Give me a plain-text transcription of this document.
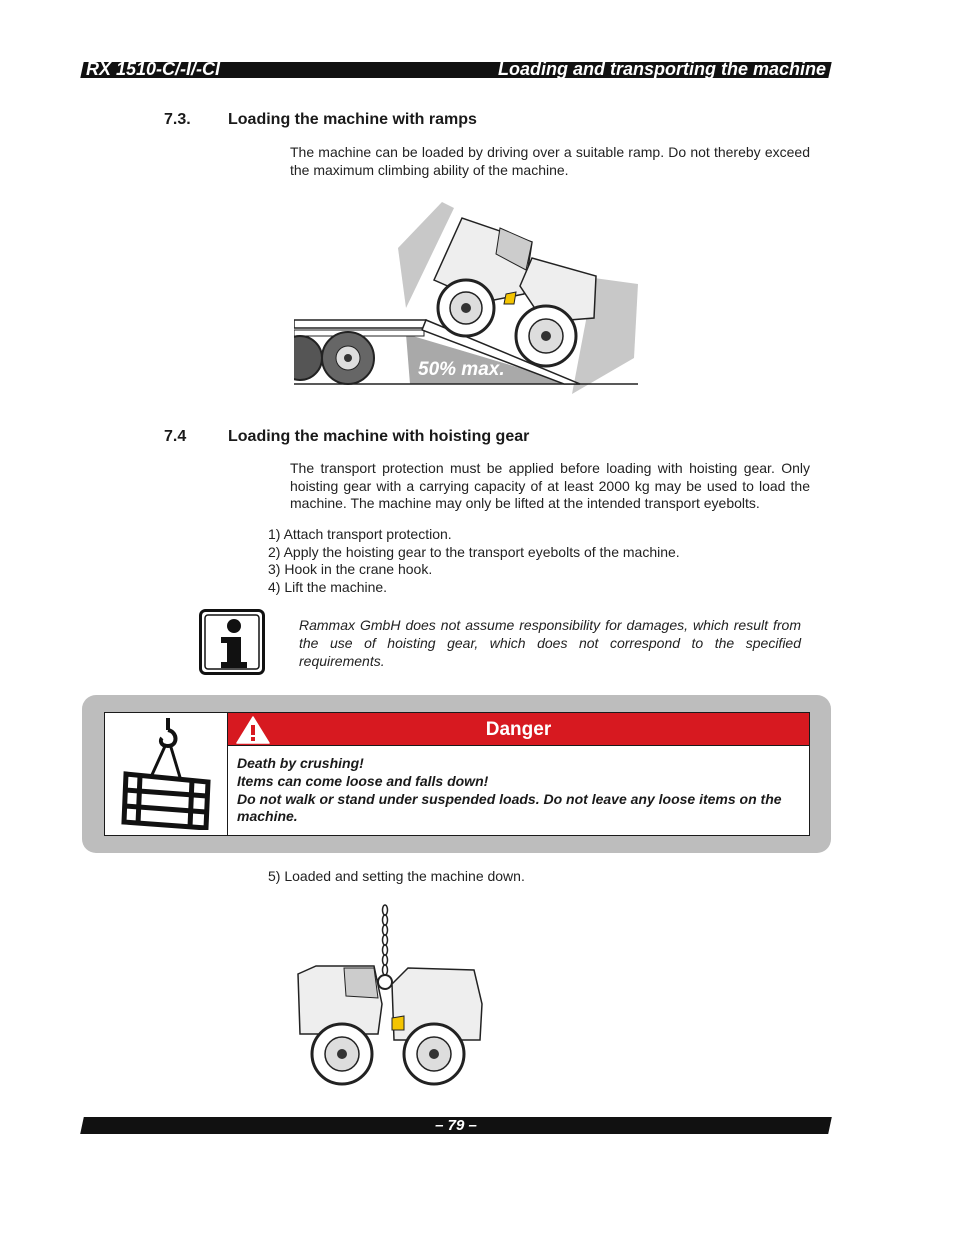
RX 1510-C/-I/-CI	Loading and transporting the machine
7.3. Loading the machine with ramps
The machine can be loaded by driving over a suitable ramp. Do not thereby exceed the maximum climbing ability of the machine.
50% max.
7.4	Loading the machine with hoisting gear
The transport protection must be applied before loading with hoisting gear. Only hoisting gear with a carrying capacity of at least 2000 kg may be used to load the machine. The machine may only be lifted at the intended transport eyebolts.
1) Attach transport protection.
2) Apply the hoisting gear to the transport eyebolts of the machine.
3) Hook in the crane hook.
4) Lift the machine.
Rammax GmbH does not assume responsibility for damages, which result from the use of hoisting gear, which does not correspond to the specified requirements.
Danger
Death by crushing!
Items can come loose and falls down!
Do not walk or stand under suspended loads. Do not leave any loose items on the machine.
5) Loaded and setting the machine down.
– 79 –
